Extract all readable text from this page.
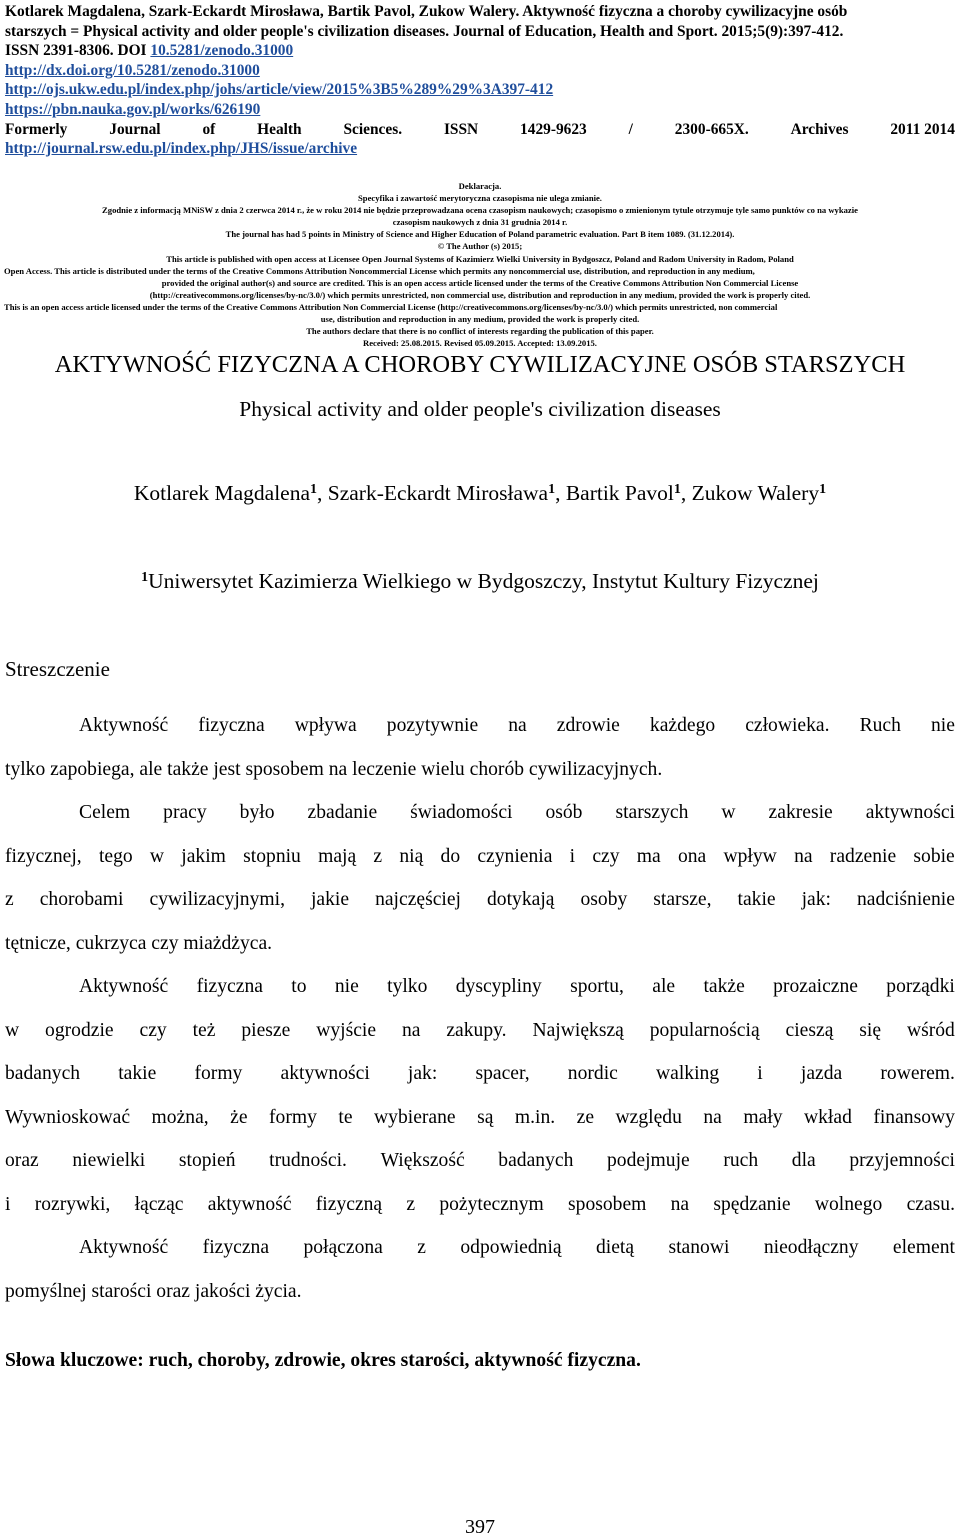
Kotlarek Magdalena, Szark-Eckardt Mirosława, Bartik Pavol, Zukow Walery. Aktywność fizyczna a choroby cywilizacyjne osób
starszych = Physical activity and older people's civilization diseases. Journal of Education, Health and Sport. 2015;5(9):397-412.
ISSN 2391-8306. DOI 10.5281/zenodo.31000
http://dx.doi.org/10.5281/zenodo.31000
http://ojs.ukw.edu.pl/index.php/johs/article/view/2015%3B5%289%29%3A397-412
https://pbn.nauka.gov.pl/works/626190
Formerly	Journal	of	Health	Sciences.	ISSN	1429-9623	/	2300-665X.	Archives	2011 2014
http://journal.rsw.edu.pl/index.php/JHS/issue/archive
Deklaracja.
Specyfika i zawartość merytoryczna czasopisma nie ulega zmianie.
Zgodnie z informacją MNiSW z dnia 2 czerwca 2014 r., że w roku 2014 nie będzie przeprowadzana ocena czasopism naukowych; czasopismo o zmienionym tytule otrzymuje tyle samo punktów co na wykazie
czasopism naukowych z dnia 31 grudnia 2014 r.
The journal has had 5 points in Ministry of Science and Higher Education of Poland parametric evaluation. Part B item 1089. (31.12.2014).
© The Author (s) 2015;
This article is published with open access at Licensee Open Journal Systems of Kazimierz Wielki University in Bydgoszcz, Poland and Radom University in Radom, Poland
Open Access. This article is distributed under the terms of the Creative Commons Attribution Noncommercial License which permits any noncommercial use, distribution, and reproduction in any medium,
provided the original author(s) and source are credited. This is an open access article licensed under the terms of the Creative Commons Attribution Non Commercial License
(http://creativecommons.org/licenses/by-nc/3.0/) which permits unrestricted, non commercial use, distribution and reproduction in any medium, provided the work is properly cited.
This is an open access article licensed under the terms of the Creative Commons Attribution Non Commercial License (http://creativecommons.org/licenses/by-nc/3.0/) which permits unrestricted, non commercial
use, distribution and reproduction in any medium, provided the work is properly cited.
The authors declare that there is no conflict of interests regarding the publication of this paper.
Received: 25.08.2015. Revised 05.09.2015. Accepted: 13.09.2015.
AKTYWNOŚĆ FIZYCZNA A CHOROBY CYWILIZACYJNE OSÓB STARSZYCH
Physical activity and older people's civilization diseases
Kotlarek Magdalena$^1$, Szark-Eckardt Mirosława$^1$, Bartik Pavol$^1$, Zukow Walery$^1$
$^1$Uniwersytet Kazimierza Wielkiego w Bydgoszczy, Instytut Kultury Fizycznej
Streszczenie
Aktywność fizyczna wpływa pozytywnie na zdrowie każdego człowieka. Ruch nie
tylko zapobiega, ale także jest sposobem na leczenie wielu chorób cywilizacyjnych.
Celem pracy było zbadanie świadomości osób starszych w zakresie aktywności
fizycznej, tego w jakim stopniu mają z nią do czynienia i czy ma ona wpływ na radzenie sobie
z chorobami cywilizacyjnymi, jakie najczęściej dotykają osoby starsze, takie jak: nadciśnienie
tętnicze, cukrzyca czy miażdżyca.
Aktywność fizyczna to nie tylko dyscypliny sportu, ale także prozaiczne porządki
w ogrodzie czy też piesze wyjście na zakupy. Największą popularnością cieszą się wśród
badanych takie formy aktywności jak: spacer, nordic walking i jazda rowerem.
Wywnioskować można, że formy te wybierane są m.in. ze względu na mały wkład finansowy
oraz niewielki stopień trudności. Większość badanych podejmuje ruch dla przyjemności
i rozrywki, łącząc aktywność fizyczną z pożytecznym sposobem na spędzanie wolnego czasu.
Aktywność fizyczna połączona z odpowiednią dietą stanowi nieodłączny element
pomyślnej starości oraz jakości życia.
Słowa kluczowe: ruch, choroby, zdrowie, okres starości, aktywność fizyczna.
397
